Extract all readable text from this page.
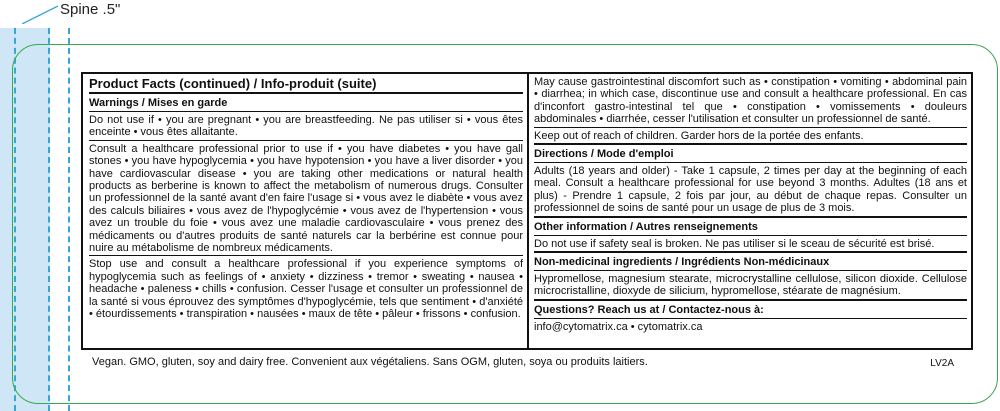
Spine .5"
Product Facts (continued) / Info-produit (suite)
Warnings / Mises en garde
Do not use if • you are pregnant • you are breastfeeding. Ne pas utiliser si • vous êtes enceinte • vous êtes allaitante.
Consult a healthcare professional prior to use if • you have diabetes • you have gall stones • you have hypoglycemia • you have hypotension • you have a liver disorder • you have cardiovascular disease • you are taking other medications or natural health products as berberine is known to affect the metabolism of numerous drugs. Consulter un professionnel de la santé avant d'en faire l'usage si • vous avez le diabète • vous avez des calculs biliaires • vous avez de l'hypoglycémie • vous avez de l'hypertension • vous avez un trouble du foie • vous avez une maladie cardiovasculaire • vous prenez des médicaments ou d'autres produits de santé naturels car la berbérine est connue pour nuire au métabolisme de nombreux médicaments.
Stop use and consult a healthcare professional if you experience symptoms of hypoglycemia such as feelings of • anxiety • dizziness • tremor • sweating • nausea • headache • paleness • chills • confusion. Cesser l'usage et consulter un professionnel de la santé si vous éprouvez des symptômes d'hypoglycémie, tels que sentiment • d'anxiété • étourdissements • transpiration • nausées • maux de tête • pâleur • frissons • confusion.
May cause gastrointestinal discomfort such as • constipation • vomiting • abdominal pain • diarrhea; in which case, discontinue use and consult a healthcare professional. En cas d'inconfort gastro-intestinal tel que • constipation • vomissements • douleurs abdominales • diarrhée, cesser l'utilisation et consulter un professionnel de santé.
Keep out of reach of children. Garder hors de la portée des enfants.
Directions / Mode d'emploi
Adults (18 years and older) - Take 1 capsule, 2 times per day at the beginning of each meal. Consult a healthcare professional for use beyond 3 months. Adultes (18 ans et plus) - Prendre 1 capsule, 2 fois par jour, au début de chaque repas. Consulter un professionnel de soins de santé pour un usage de plus de 3 mois.
Other information / Autres renseignements
Do not use if safety seal is broken. Ne pas utiliser si le sceau de sécurité est brisé.
Non-medicinal ingredients / Ingrédients Non-médicinaux
Hypromellose, magnesium stearate, microcrystalline cellulose, silicon dioxide. Cellulose microcristalline, dioxyde de silicium, hypromellose, stéarate de magnésium.
Questions? Reach us at / Contactez-nous à:
info@cytomatrix.ca • cytomatrix.ca
Vegan. GMO, gluten, soy and dairy free. Convenient aux végétaliens. Sans OGM, gluten, soya ou produits laitiers.	LV2A
